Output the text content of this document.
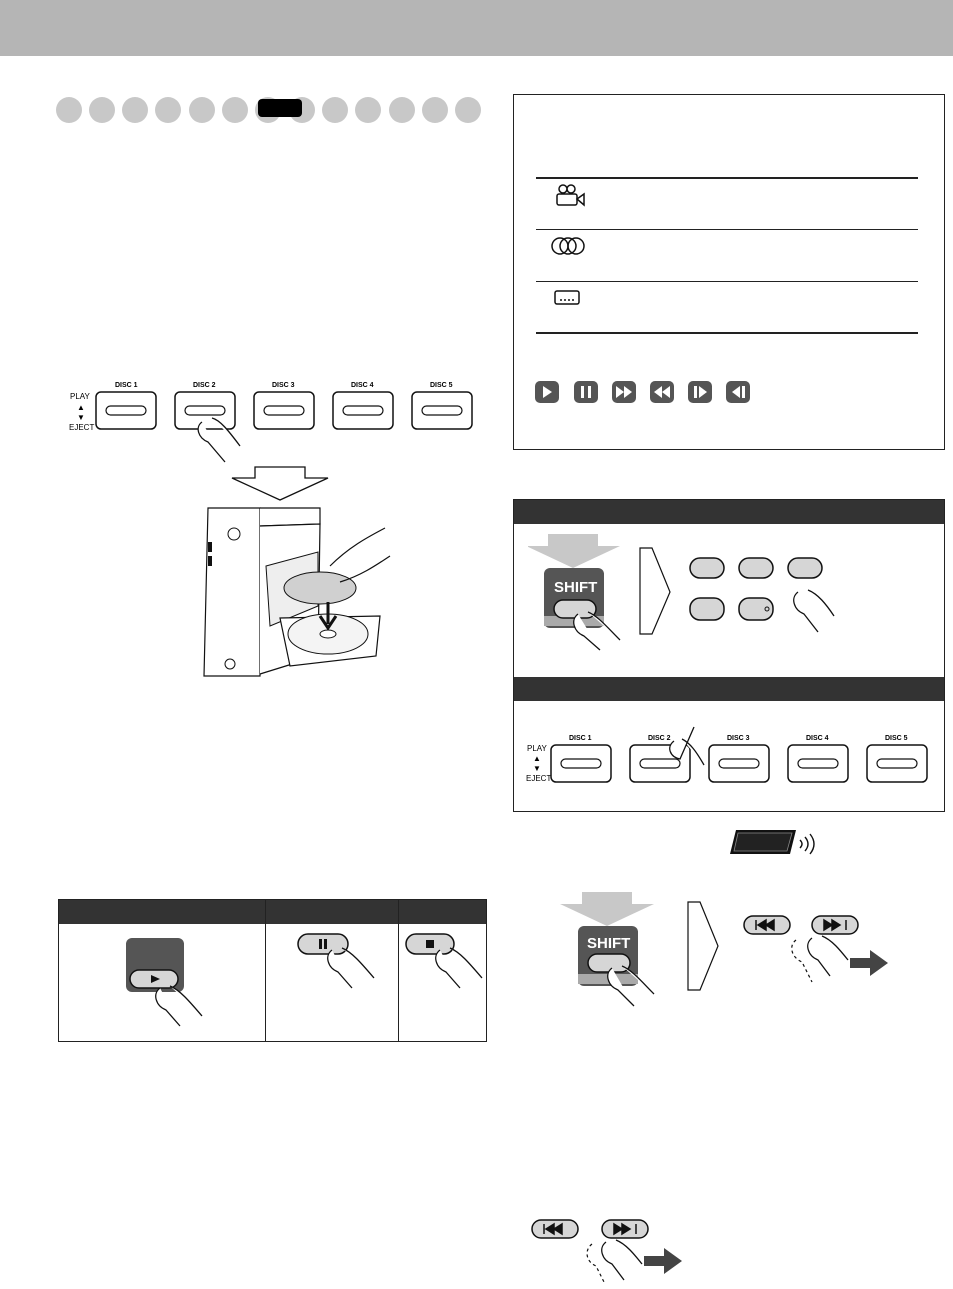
PLAY
▲
▼
EJECT
DISC 1	DISC 2	DISC 3	DISC 4	DISC 5
SHIFT
PLAY
▲
▼
EJECT
DISC 1	DISC 2	DISC 3	DISC 4	DISC 5
SHIFT
